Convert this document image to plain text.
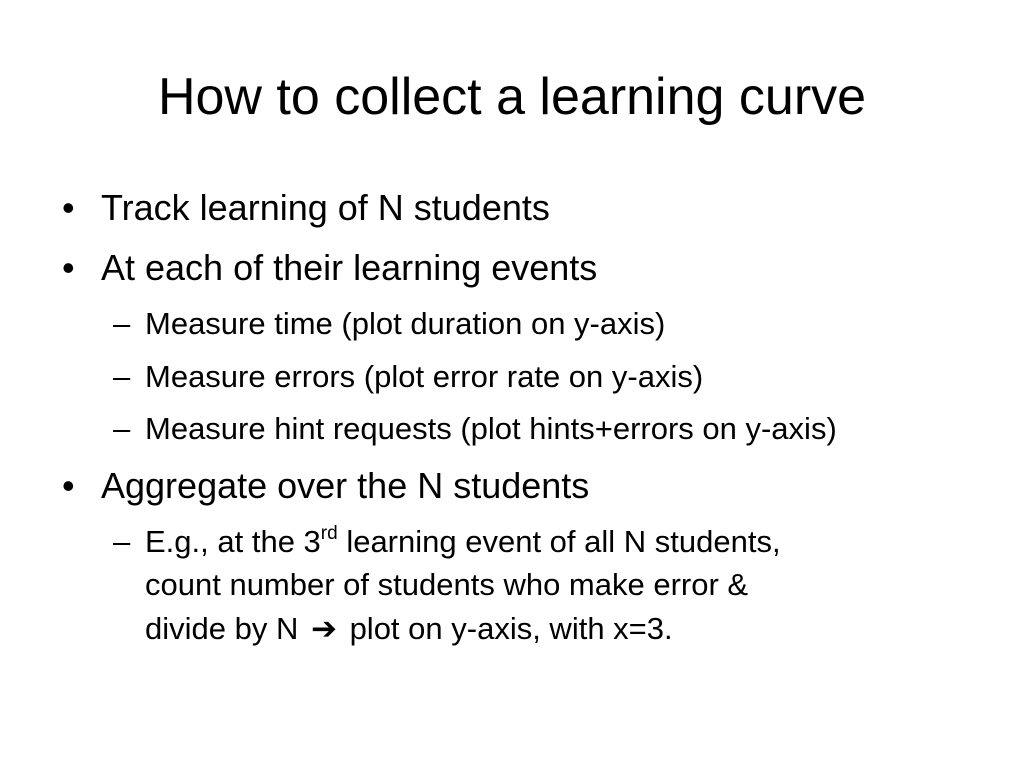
How to collect a learning curve
• Track learning of N students
• At each of their learning events
– Measure time (plot duration on y-axis)
– Measure errors (plot error rate on y-axis)
– Measure hint requests (plot hints+errors on y-axis)
• Aggregate over the N students
– E.g., at the 3rd learning event of all N students,
count number of students who make error &
divide by N ➔ plot on y-axis, with x=3.
